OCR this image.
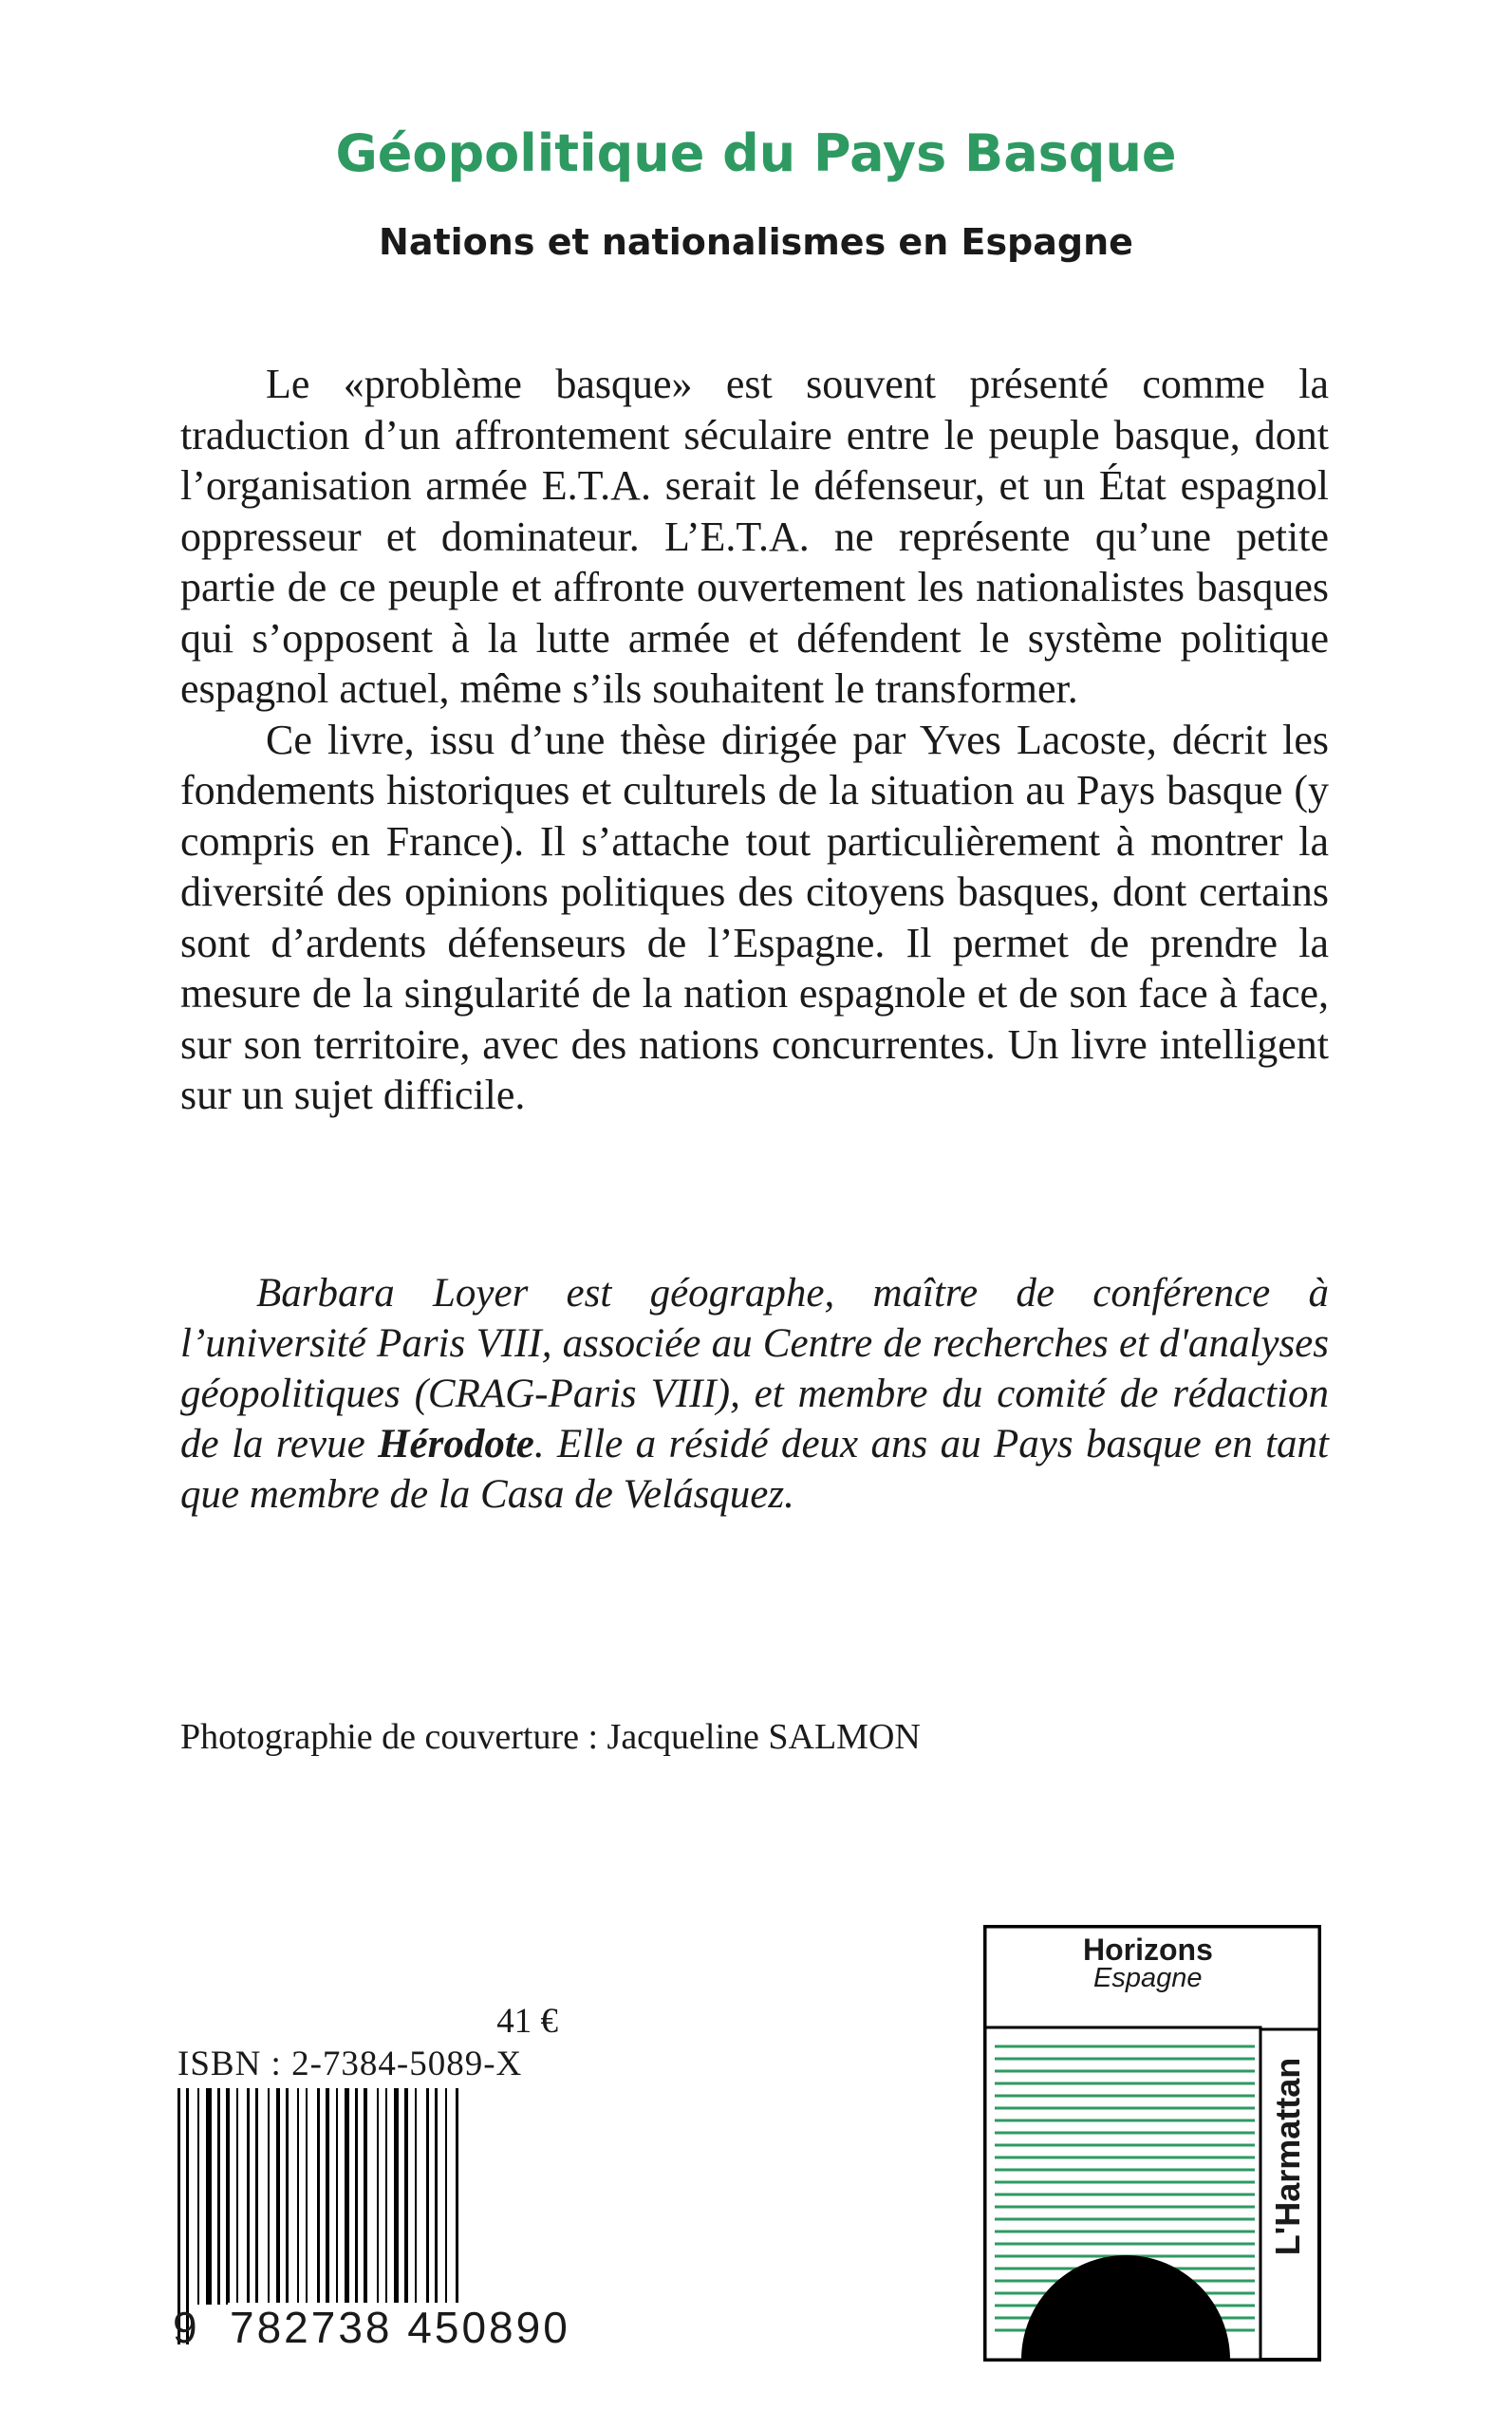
Géopolitique du Pays Basque
Nations et nationalismes en Espagne

Le «problème basque» est souvent présenté comme la traduction d’un affrontement séculaire entre le peuple basque, dont l’organisation armée E.T.A. serait le défenseur, et un État espagnol oppresseur et dominateur. L’E.T.A. ne représente qu’une petite partie de ce peuple et affronte ouvertement les nationalistes basques qui s’opposent à la lutte armée et défendent le système politique espagnol actuel, même s’ils souhaitent le transformer.

Ce livre, issu d’une thèse dirigée par Yves Lacoste, décrit les fondements historiques et culturels de la situation au Pays basque (y compris en France). Il s’attache tout particulièrement à montrer la diversité des opinions politiques des citoyens basques, dont certains sont d’ardents défenseurs de l’Espagne. Il permet de prendre la mesure de la singularité de la nation espagnole et de son face à face, sur son territoire, avec des nations concurrentes. Un livre intelligent sur un sujet difficile.

Barbara Loyer est géographe, maître de conférence à l’université Paris VIII, associée au Centre de recherches et d'analyses géopolitiques (CRAG-Paris VIII), et membre du comité de rédaction de la revue Hérodote. Elle a résidé deux ans au Pays basque en tant que membre de la Casa de Velásquez.
Photographie de couverture : Jacqueline SALMON
41 €
ISBN : 2-7384-5089-X
9 782738 450890
Horizons
Espagne
L'Harmattan
